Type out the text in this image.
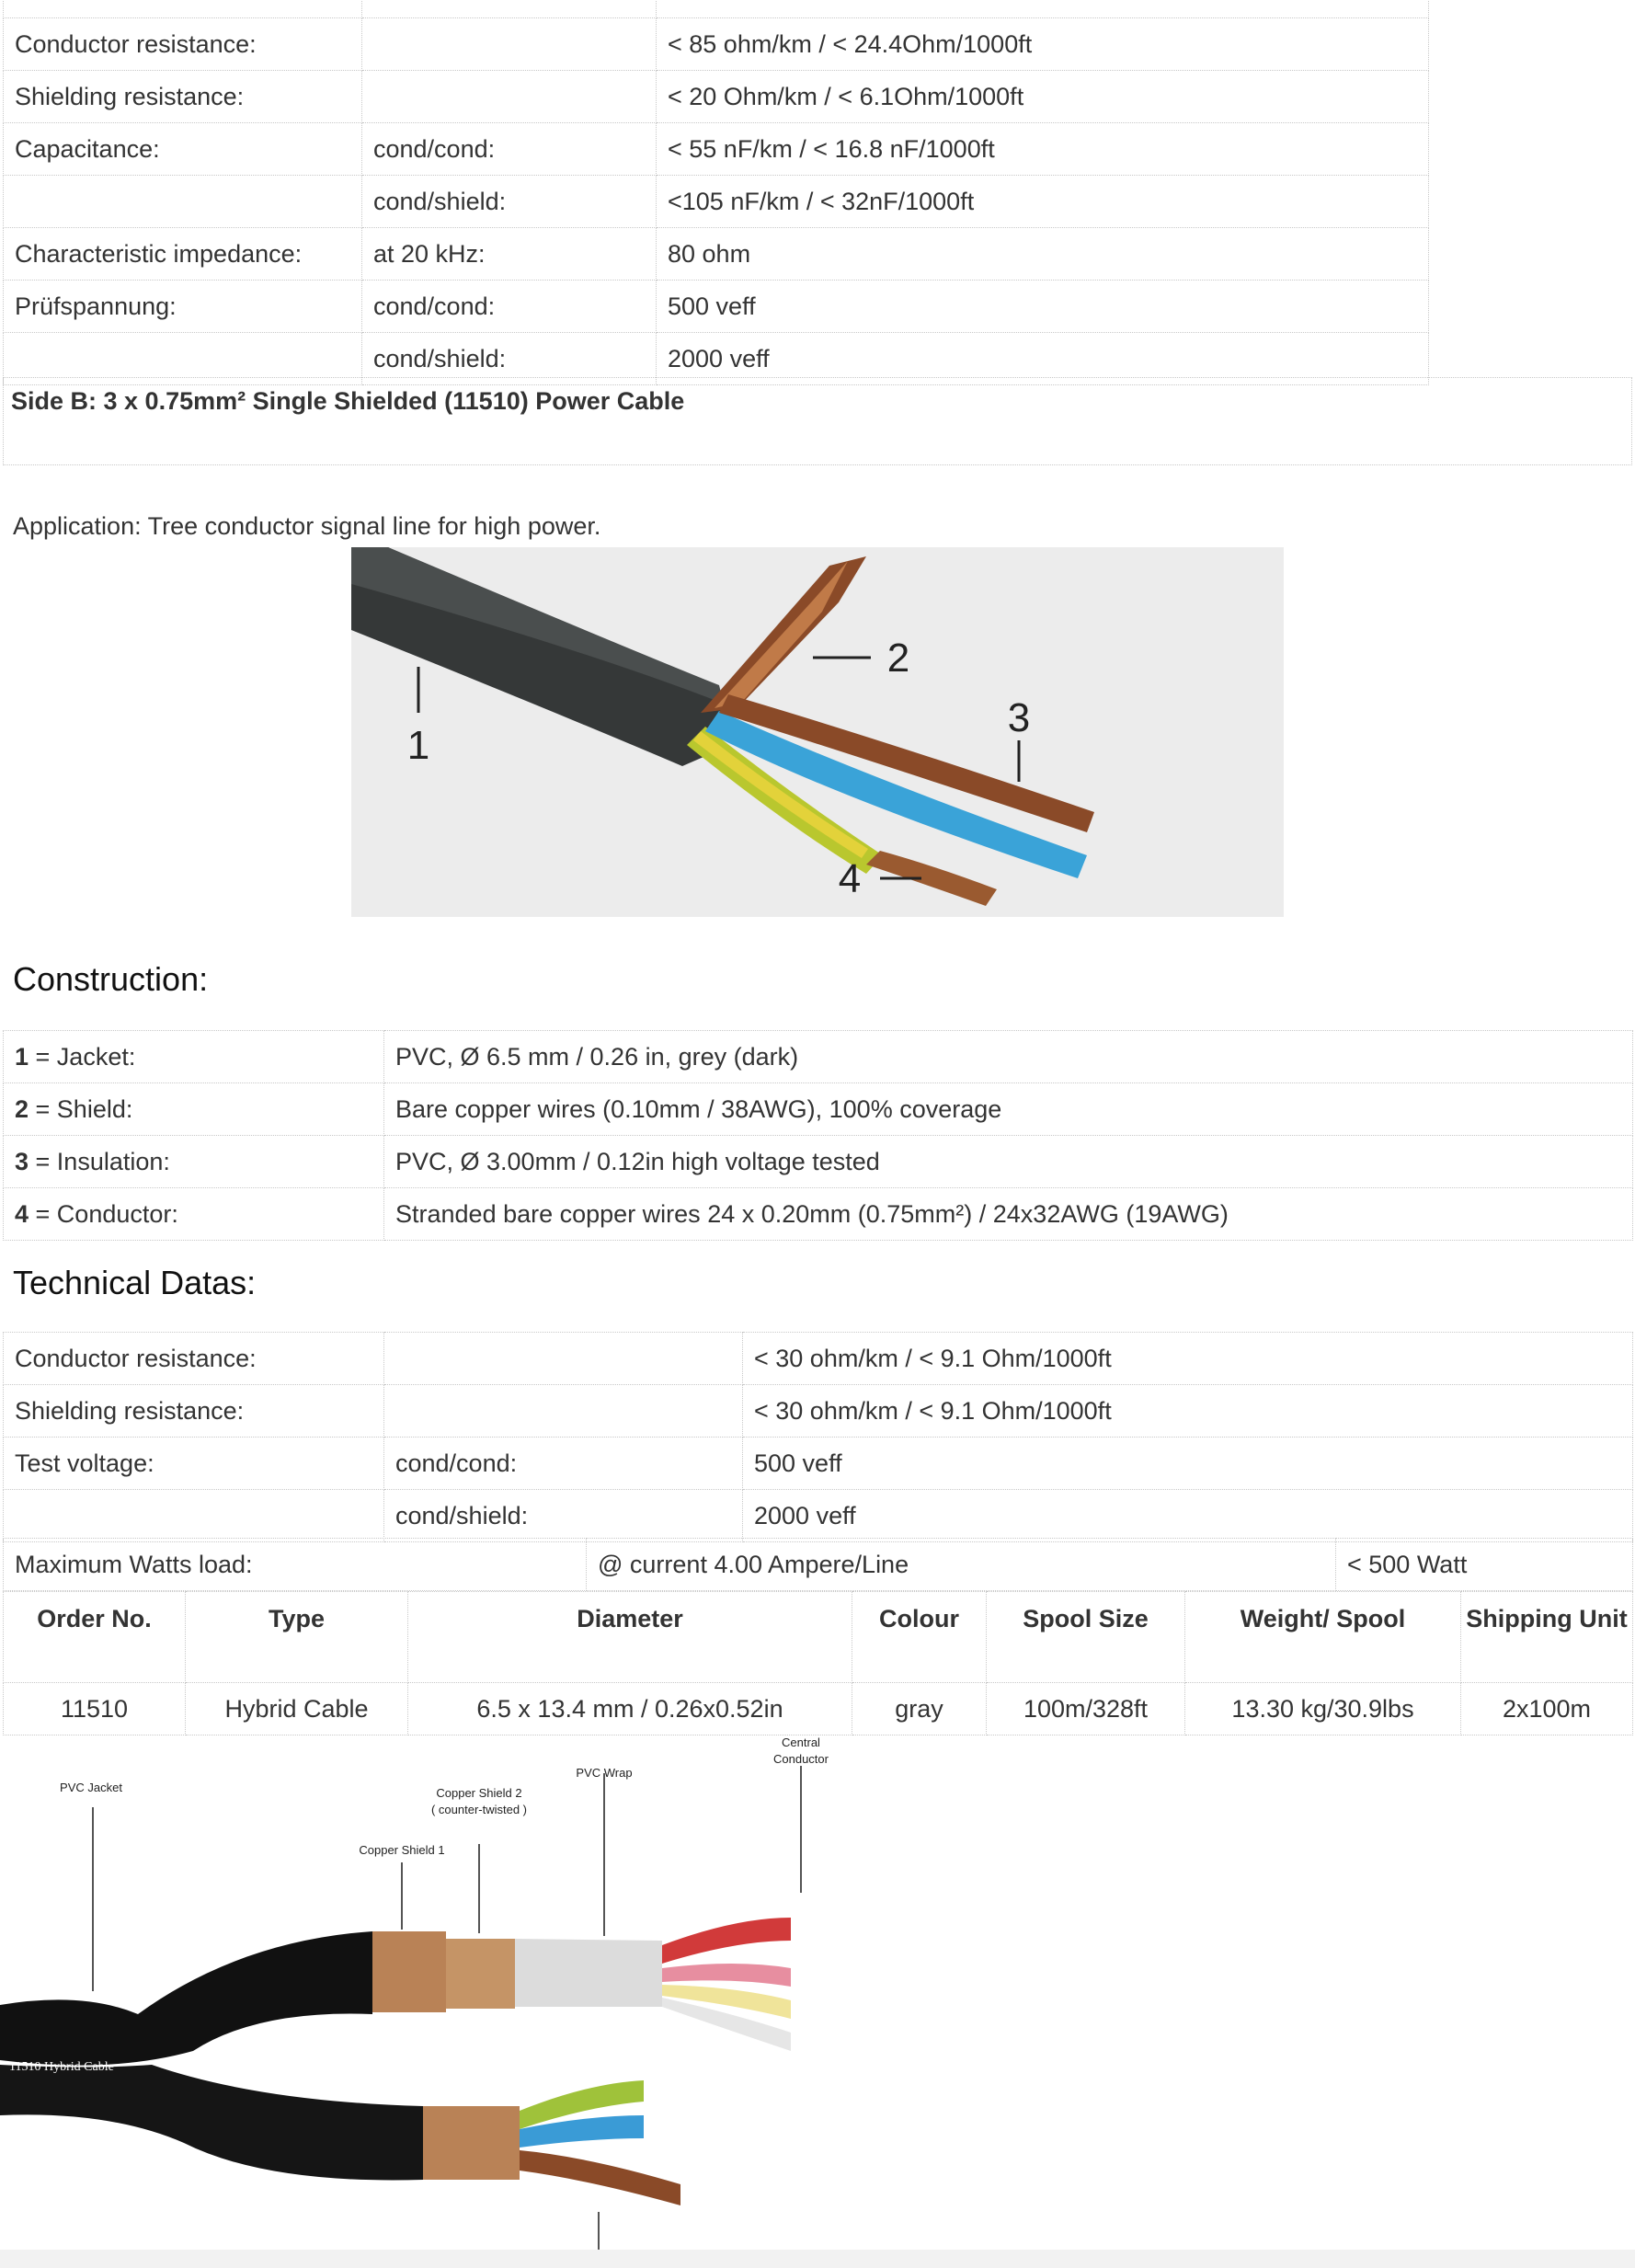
Conductor resistance:		< 85 ohm/km / < 24.4Ohm/1000ft
Shielding resistance:		< 20 Ohm/km / < 6.1Ohm/1000ft
Capacitance:	cond/cond:	< 55 nF/km / < 16.8 nF/1000ft
	cond/shield:	<105 nF/km / < 32nF/1000ft
Characteristic impedance:	at 20 kHz:	80 ohm
Prüfspannung:	cond/cond:	500 veff
	cond/shield:	2000 veff
Side B: 3 x 0.75mm² Single Shielded (11510) Power Cable
Application: Tree conductor signal line for high power.
1
2
3
4
Construction:
1 = Jacket:	PVC, Ø 6.5 mm / 0.26 in, grey (dark)
2 = Shield:	Bare copper wires (0.10mm / 38AWG), 100% coverage
3 = Insulation:	PVC, Ø 3.00mm / 0.12in high voltage tested
4 = Conductor:	Stranded bare copper wires 24 x 0.20mm (0.75mm²) / 24x32AWG (19AWG)
Technical Datas:
Conductor resistance:		< 30 ohm/km / < 9.1 Ohm/1000ft
Shielding resistance:		< 30 ohm/km / < 9.1 Ohm/1000ft
Test voltage:	cond/cond:	500 veff
	cond/shield:	2000 veff
Maximum Watts load:	@ current 4.00 Ampere/Line	< 500 Watt
Order No.	Type	Diameter	Colour	Spool Size	Weight/ Spool	Shipping Unit
11510	Hybrid Cable	6.5 x 13.4 mm / 0.26x0.52in	gray	100m/328ft	13.30 kg/30.9lbs	2x100m
PVC Jacket
Copper Shield 1
Copper Shield 2
( counter-twisted )
PVC Wrap
Central
Conductor
11510 Hybrid Cable
